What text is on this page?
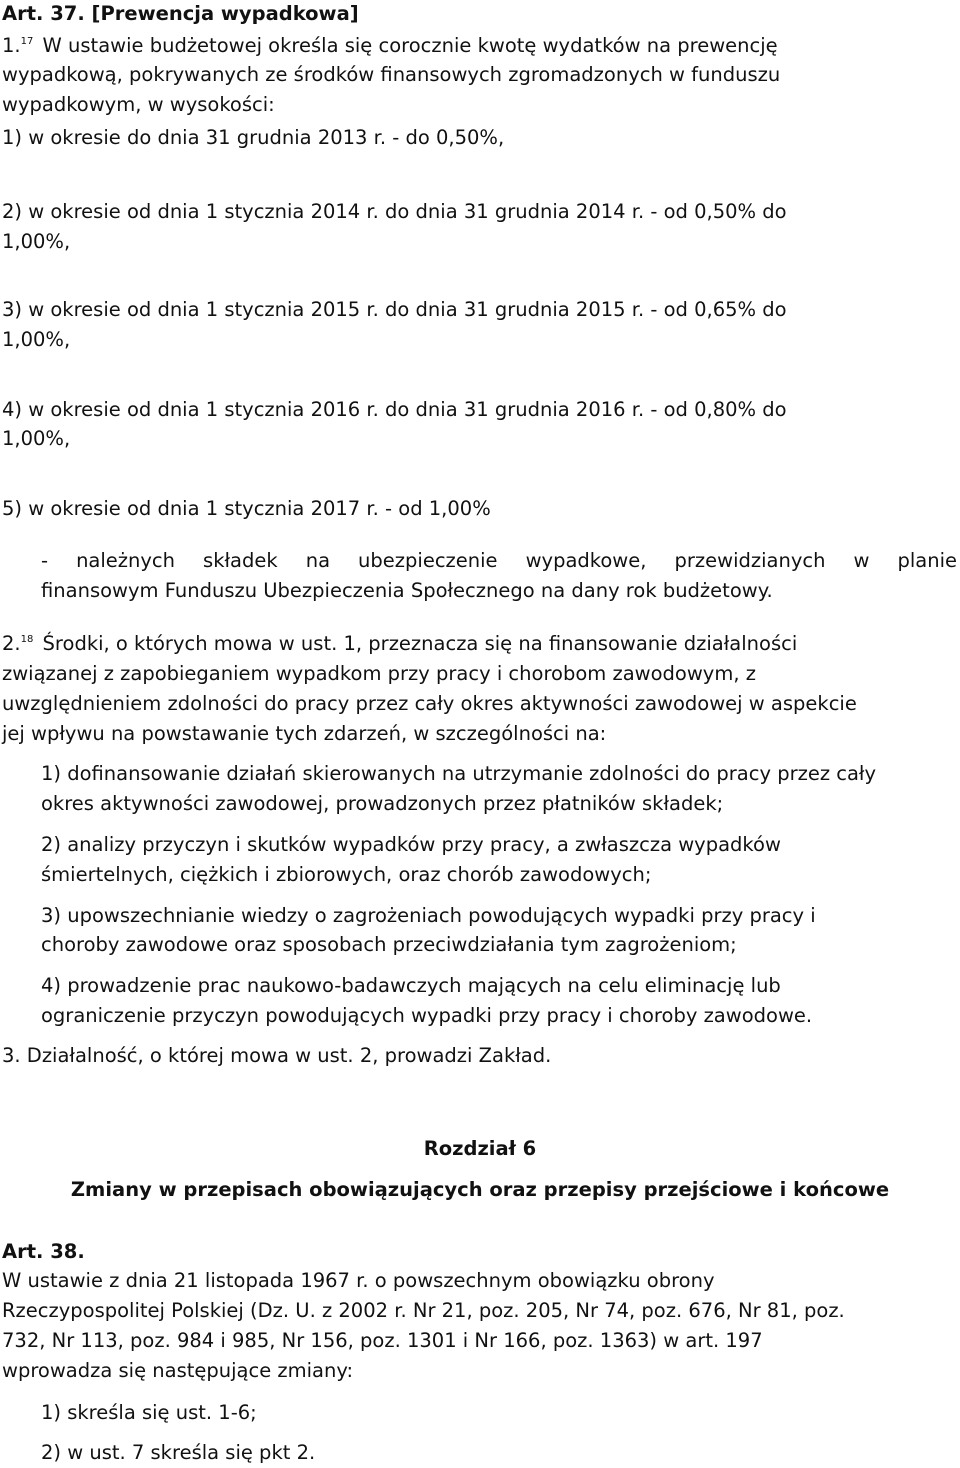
Art. 37. [Prewencja wypadkowa]
1.17 W ustawie budżetowej określa się corocznie kwotę wydatków na prewencję
wypadkową, pokrywanych ze środków finansowych zgromadzonych w funduszu
wypadkowym, w wysokości:
1) w okresie do dnia 31 grudnia 2013 r. - do 0,50%,
2) w okresie od dnia 1 stycznia 2014 r. do dnia 31 grudnia 2014 r. - od 0,50% do
1,00%,
3) w okresie od dnia 1 stycznia 2015 r. do dnia 31 grudnia 2015 r. - od 0,65% do
1,00%,
4) w okresie od dnia 1 stycznia 2016 r. do dnia 31 grudnia 2016 r. - od 0,80% do
1,00%,
5) w okresie od dnia 1 stycznia 2017 r. - od 1,00%
- należnych składek na ubezpieczenie wypadkowe, przewidzianych w planie
finansowym Funduszu Ubezpieczenia Społecznego na dany rok budżetowy.
2.18 Środki, o których mowa w ust. 1, przeznacza się na finansowanie działalności
związanej z zapobieganiem wypadkom przy pracy i chorobom zawodowym, z
uwzględnieniem zdolności do pracy przez cały okres aktywności zawodowej w aspekcie
jej wpływu na powstawanie tych zdarzeń, w szczególności na:
1) dofinansowanie działań skierowanych na utrzymanie zdolności do pracy przez cały
okres aktywności zawodowej, prowadzonych przez płatników składek;
2) analizy przyczyn i skutków wypadków przy pracy, a zwłaszcza wypadków
śmiertelnych, ciężkich i zbiorowych, oraz chorób zawodowych;
3) upowszechnianie wiedzy o zagrożeniach powodujących wypadki przy pracy i
choroby zawodowe oraz sposobach przeciwdziałania tym zagrożeniom;
4) prowadzenie prac naukowo-badawczych mających na celu eliminację lub
ograniczenie przyczyn powodujących wypadki przy pracy i choroby zawodowe.
3. Działalność, o której mowa w ust. 2, prowadzi Zakład.
Rozdział 6
Zmiany w przepisach obowiązujących oraz przepisy przejściowe i końcowe
Art. 38.
W ustawie z dnia 21 listopada 1967 r. o powszechnym obowiązku obrony
Rzeczypospolitej Polskiej (Dz. U. z 2002 r. Nr 21, poz. 205, Nr 74, poz. 676, Nr 81, poz.
732, Nr 113, poz. 984 i 985, Nr 156, poz. 1301 i Nr 166, poz. 1363) w art. 197
wprowadza się następujące zmiany:
1) skreśla się ust. 1-6;
2) w ust. 7 skreśla się pkt 2.
